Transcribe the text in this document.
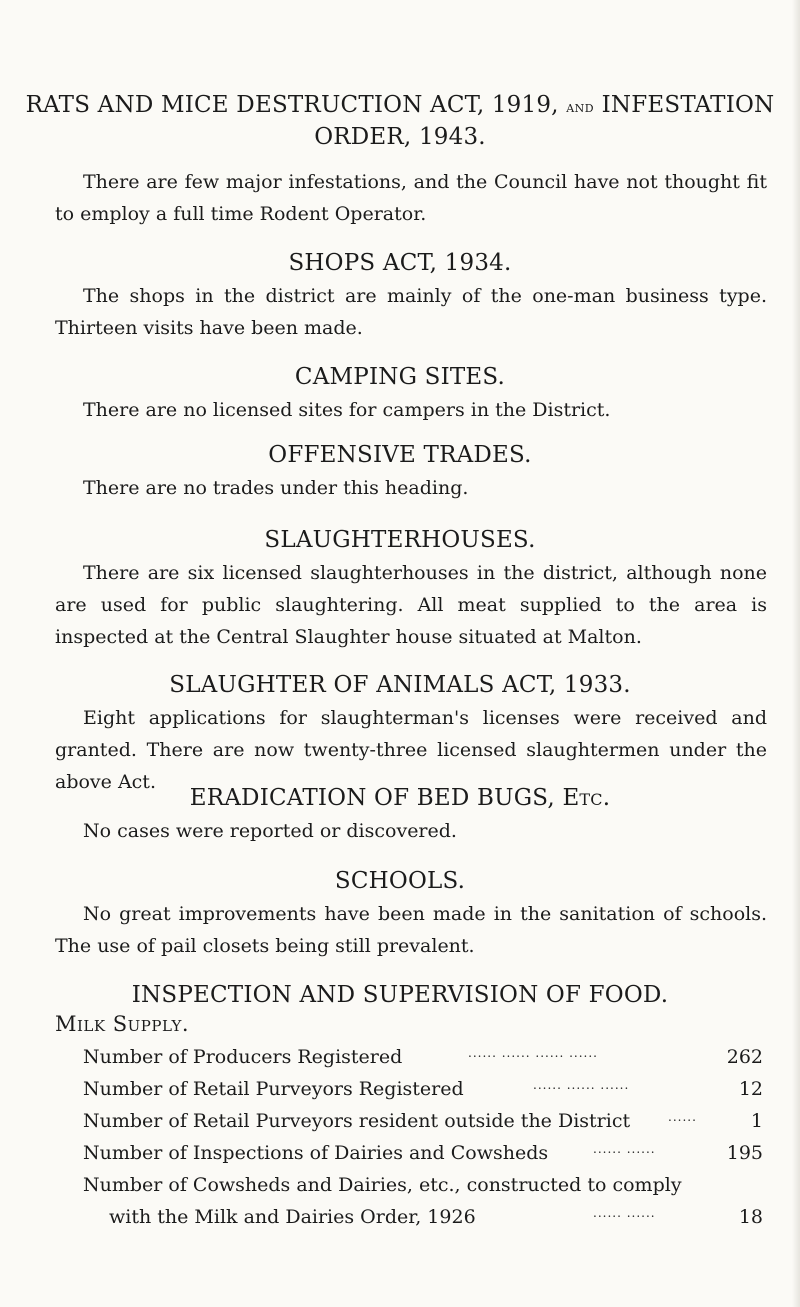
RATS AND MICE DESTRUCTION ACT, 1919, and INFESTATION
ORDER, 1943.

There are few major infestations, and the Council have not thought fit to employ a full time Rodent Operator.

SHOPS ACT, 1934.

The shops in the district are mainly of the one-man business type. Thirteen visits have been made.

CAMPING SITES.

There are no licensed sites for campers in the District.

OFFENSIVE TRADES.

There are no trades under this heading.

SLAUGHTERHOUSES.

There are six licensed slaughterhouses in the district, although none are used for public slaughtering. All meat supplied to the area is inspected at the Central Slaughter house situated at Malton.

SLAUGHTER OF ANIMALS ACT, 1933.

Eight applications for slaughterman's licenses were received and granted. There are now twenty-three licensed slaughtermen under the above Act.

ERADICATION OF BED BUGS, Etc.

No cases were reported or discovered.

SCHOOLS.

No great improvements have been made in the sanitation of schools. The use of pail closets being still prevalent.

INSPECTION AND SUPERVISION OF FOOD.
Milk Supply.
Number of Producers Registered	...... ...... ...... ......	262
Number of Retail Purveyors Registered	...... ...... ......	12
Number of Retail Purveyors resident outside the District	......	1
Number of Inspections of Dairies and Cowsheds	...... ......	195
Number of Cowsheds and Dairies, etc., constructed to comply
with the Milk and Dairies Order, 1926	...... ......	18
